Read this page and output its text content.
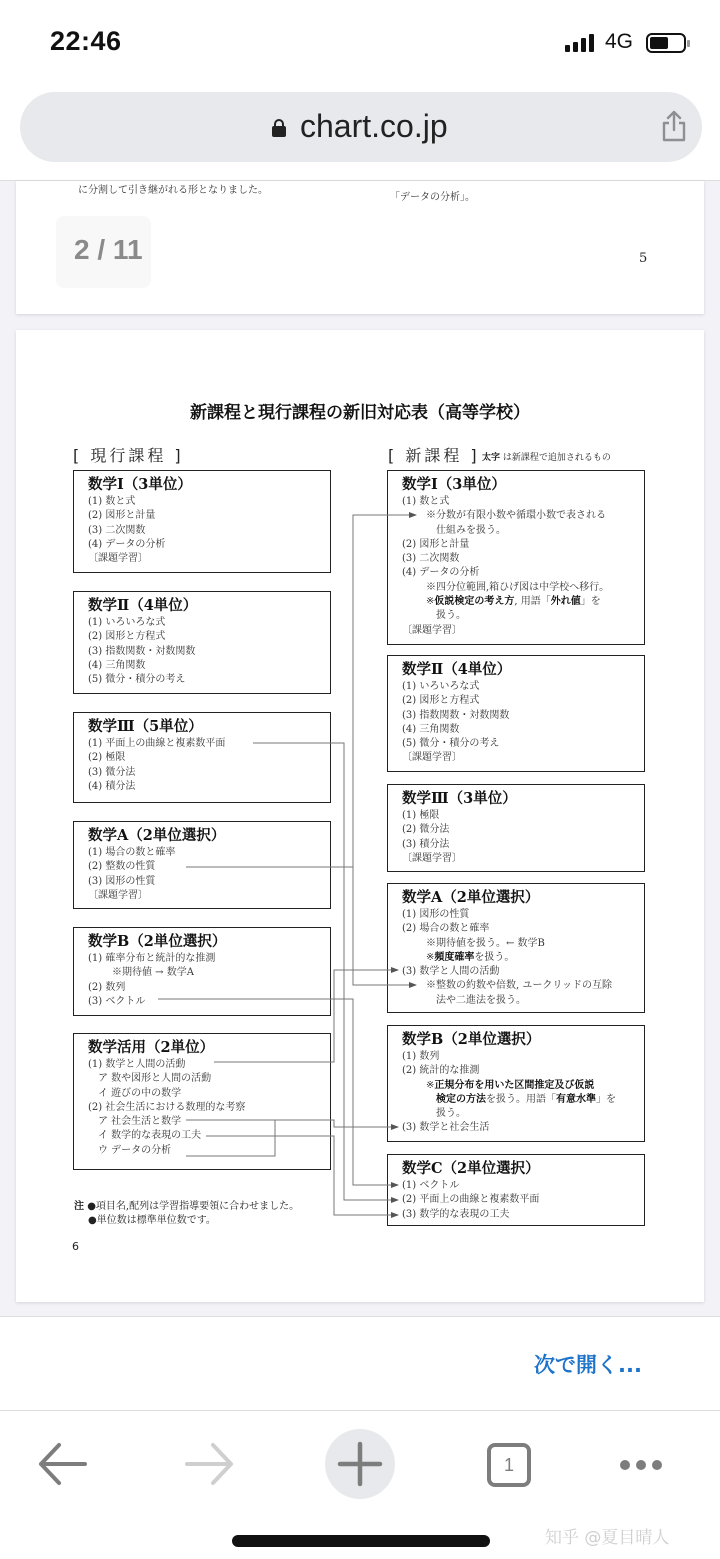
22:46	4G
chart.co.jp
に分割して引き継がれる形となりました。
「データの分析」。
2 / 11	5
新課程と現行課程の新旧対応表（高等学校）
[ 現行課程 ]	[ 新課程 ] 太字 は新課程で追加されるもの
数学Ⅰ（3単位）
(1) 数と式
(2) 図形と計量
(3) 二次関数
(4) データの分析
〔課題学習〕
数学Ⅱ（4単位）
(1) いろいろな式
(2) 図形と方程式
(3) 指数関数・対数関数
(4) 三角関数
(5) 微分・積分の考え
数学Ⅲ（5単位）
(1) 平面上の曲線と複素数平面
(2) 極限
(3) 微分法
(4) 積分法
数学A（2単位選択）
(1) 場合の数と確率
(2) 整数の性質
(3) 図形の性質
〔課題学習〕
数学B（2単位選択）
(1) 確率分布と統計的な推測
※期待値 → 数学A
(2) 数列
(3) ベクトル
数学活用（2単位）
(1) 数学と人間の活動
ア 数や図形と人間の活動
イ 遊びの中の数学
(2) 社会生活における数理的な考察
ア 社会生活と数学
イ 数学的な表現の工夫
ウ データの分析
数学Ⅰ（3単位）
(1) 数と式
※分数が有限小数や循環小数で表される
仕組みを扱う。
(2) 図形と計量
(3) 二次関数
(4) データの分析
※四分位範囲,箱ひげ図は中学校へ移行。
※仮説検定の考え方, 用語「外れ値」を
扱う。
〔課題学習〕
数学Ⅱ（4単位）
(1) いろいろな式
(2) 図形と方程式
(3) 指数関数・対数関数
(4) 三角関数
(5) 微分・積分の考え
〔課題学習〕
数学Ⅲ（3単位）
(1) 極限
(2) 微分法
(3) 積分法
〔課題学習〕
数学A（2単位選択）
(1) 図形の性質
(2) 場合の数と確率
※期待値を扱う。← 数学B
※頻度確率を扱う。
(3) 数学と人間の活動
※整数の約数や倍数, ユークリッドの互除
法や二進法を扱う。
数学B（2単位選択）
(1) 数列
(2) 統計的な推測
※正規分布を用いた区間推定及び仮説
検定の方法を扱う。用語「有意水準」を
扱う。
(3) 数学と社会生活
数学C（2単位選択）
(1) ベクトル
(2) 平面上の曲線と複素数平面
(3) 数学的な表現の工夫
注 ●項目名,配列は学習指導要領に合わせました。
●単位数は標準単位数です。
6
次で開く...
1
知乎 @夏目晴人
